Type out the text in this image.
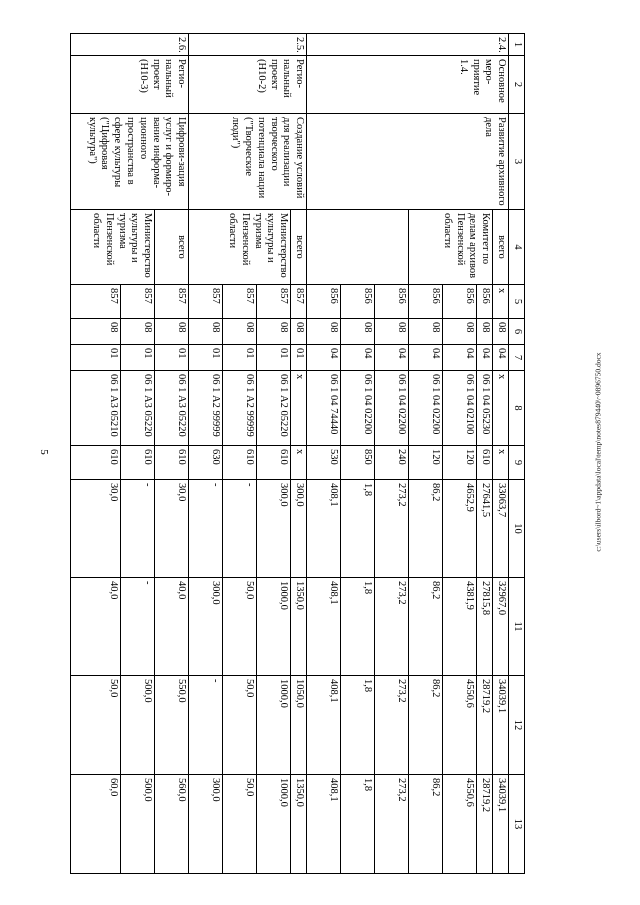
5
1	2	3	4	5	6	7	8	9	10	11	12	13
2.4.	Основное меро-приятие 1.4.	Развитие архивного дела	всего	х	08	04	х	х	33063,7	32967,0	34039,1	34039,1
			Комитет по делам архивов Пензенской области	856	08	04	06 1 04 05230	610	27641,5	27815,8	28719,2	28719,2
				856	08	04	06 1 04 02100	120	4652,9	4381,9	4550,6	4550,6
				856	08	04	06 1 04 02200	120	86,2	86,2	86,2	86,2
				856	08	04	06 1 04 02200	240	273,2	273,2	273,2	273,2
				856	08	04	06 1 04 02200	850	1,8	1,8	1,8	1,8
				856	08	04	06 1 04 74440	530	408,1	408,1	408,1	408,1
2.5.	Регио-нальный проект (Н10-2)	Создание условий для реализации творческого потенциала нации ("Творческие люди")	всего	857	08	01	х	х	300,0	1350,0	1050,0	1350,0
			Министерство культуры и туризма Пензенской области	857	08	01	06 1 А2 05220	610	300,0	1000,0	1000,0	1000,0
				857	08	01	06 1 А2 99999	610	-	50,0	50,0	50,0
				857	08	01	06 1 А2 99999	630	-	300,0	-	300,0
2.6.	Регио-нальный проект (Н10-3)	Цифрови-зация услуг и формиро-вание информа-ционного пространства в сфере культуры ("Цифровая культура")	всего	857	08	01	06 1 А3 05220	610	30,0	40,0	550,0	560,0
			Министерство культуры и туризма Пензенской области	857	08	01	06 1 А3 05220	610	-	-	500,0	500,0
				857	08	01	06 1 А3 05210	610	30,0	40,0	50,0	60,0
c:\users\ilbord~1\appdata\local\temp\notes879440\~0896750.docx
